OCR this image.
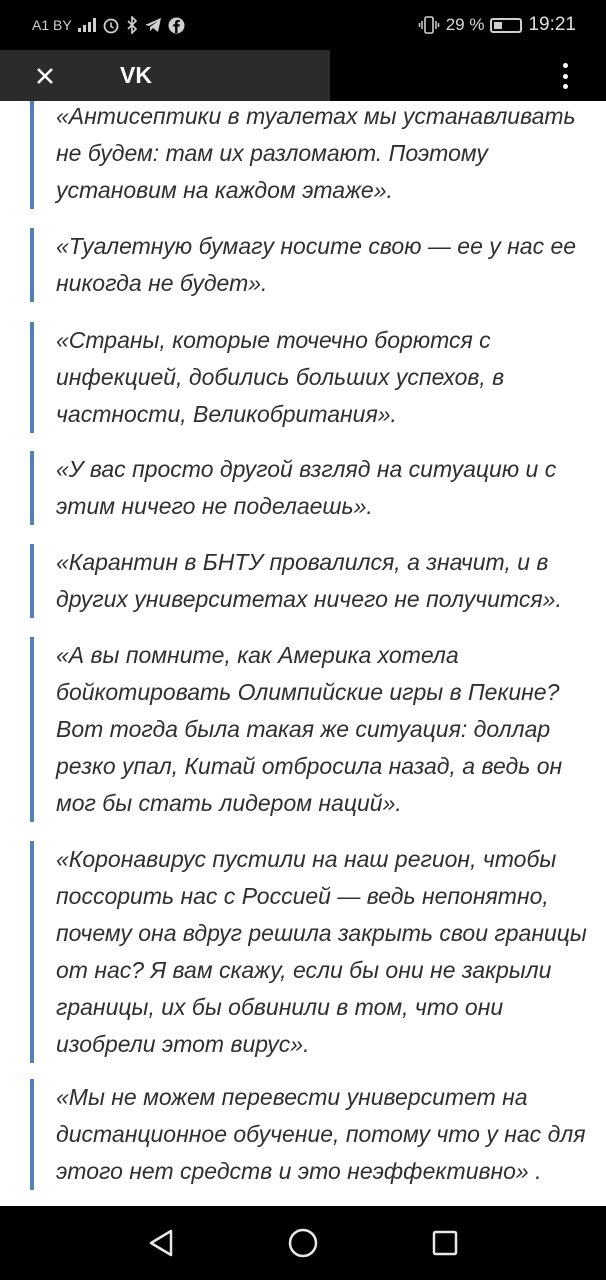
A1 BY	29 % 19:21
VK
«Антисептики в туалетах мы устанавливать не будем: там их разломают. Поэтому установим на каждом этаже».
«Туалетную бумагу носите свою — ее у нас ее никогда не будет».
«Страны, которые точечно борются с инфекцией, добились больших успехов, в частности, Великобритания».
«У вас просто другой взгляд на ситуацию и с этим ничего не поделаешь».
«Карантин в БНТУ провалился, а значит, и в других университетах ничего не получится».
«А вы помните, как Америка хотела бойкотировать Олимпийские игры в Пекине? Вот тогда была такая же ситуация: доллар резко упал, Китай отбросила назад, а ведь он мог бы стать лидером наций».
«Коронавирус пустили на наш регион, чтобы поссорить нас с Россией — ведь непонятно, почему она вдруг решила закрыть свои границы от нас? Я вам скажу, если бы они не закрыли границы, их бы обвинили в том, что они изобрели этот вирус».
«Мы не можем перевести университет на дистанционное обучение, потому что у нас для этого нет средств и это неэффективно» .
